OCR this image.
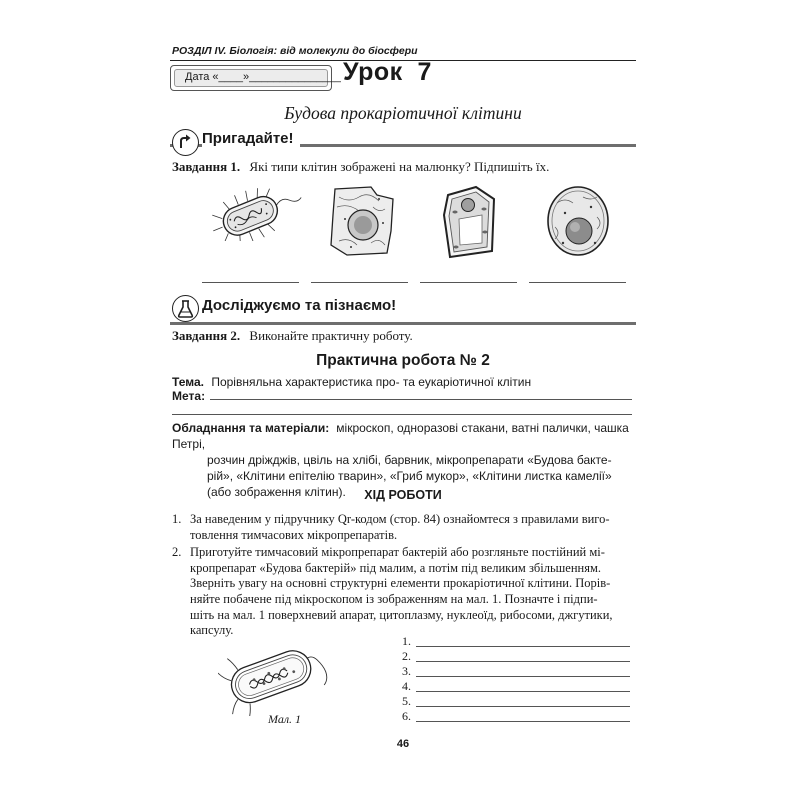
РОЗДІЛ IV. Біологія: від молекули до біосфери
Дата «____»_______________ Урок  7
Будова прокаріотичної клітини
Пригадайте!
Завдання 1. Які типи клітин зображені на малюнку? Підпишіть їх.
Досліджуємо та пізнаємо!
Завдання 2. Виконайте практичну роботу.
Практична робота № 2
Тема. Порівняльна характеристика про- та еукаріотичної клітин
Мета:
Обладнання та матеріали: мікроскоп, одноразові стакани, ватні палички, чашка Петрі,
розчин дріжджів, цвіль на хлібі, барвник, мікропрепарати «Будова бакте-
рій», «Клітини епітелію тварин», «Гриб мукор», «Клітини листка камелії»
(або зображення клітин).	ХІД РОБОТИ
1. За наведеним у підручнику Qr-кодом (стор. 84) ознайомтеся з правилами виго-
товлення тимчасових мікропрепаратів.
2. Приготуйте тимчасовий мікропрепарат бактерій або розгляньте постійний мі-
кропрепарат «Будова бактерій» під малим, а потім під великим збільшенням.
Зверніть увагу на основні структурні елементи прокаріотичної клітини. Порів-
няйте побачене під мікроскопом із зображенням на мал. 1. Позначте і підпи-
шіть на мал. 1 поверхневий апарат, цитоплазму, нуклеоїд, рибосоми, джгутики,
капсулу.
Мал. 1
1.
2.
3.
4.
5.
6.
46
